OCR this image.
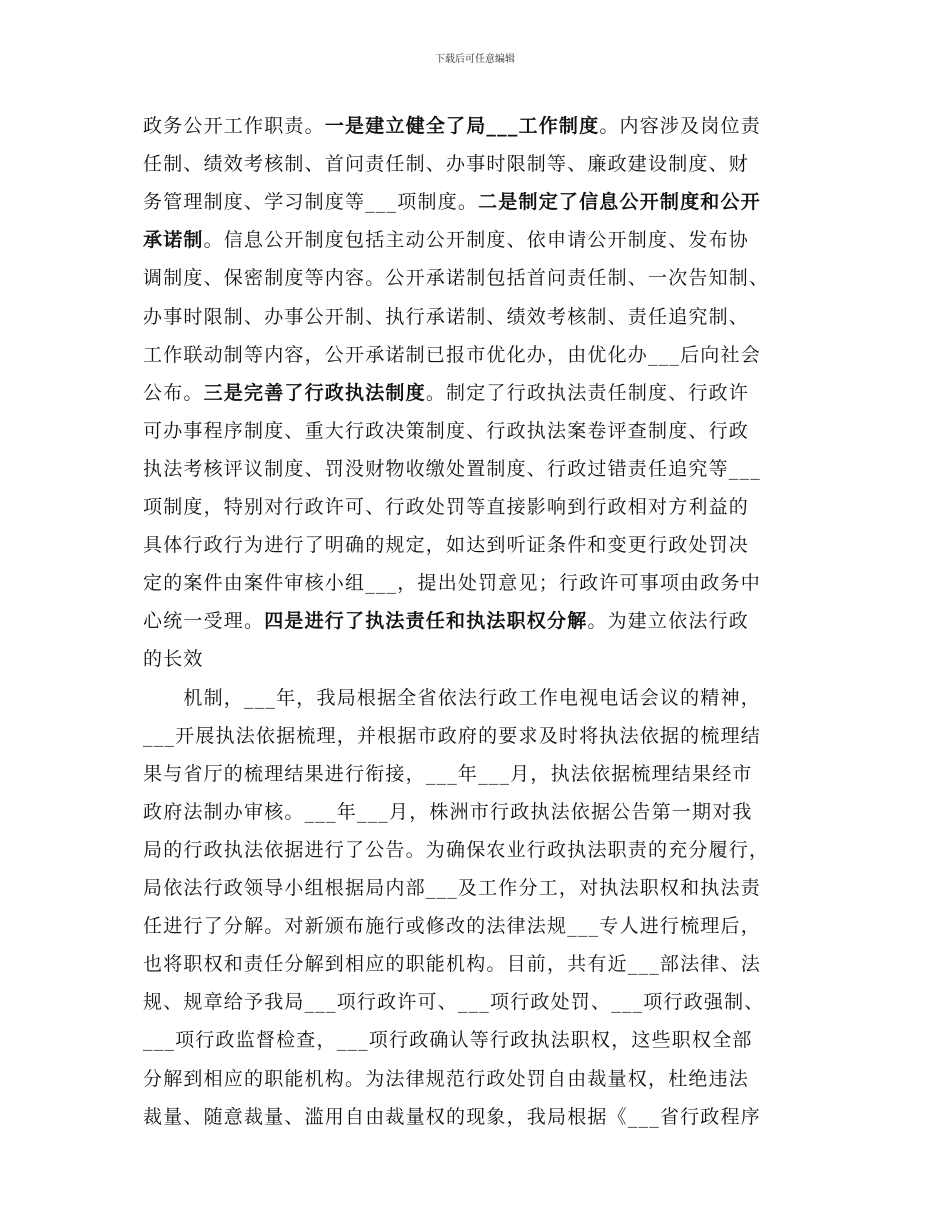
下载后可任意编辑
政务公开工作职责。一是建立健全了局___工作制度。内容涉及岗位责
任制、绩效考核制、首问责任制、办事时限制等、廉政建设制度、财
务管理制度、学习制度等___项制度。二是制定了信息公开制度和公开
承诺制。信息公开制度包括主动公开制度、依申请公开制度、发布协
调制度、保密制度等内容。公开承诺制包括首问责任制、一次告知制、
办事时限制、办事公开制、执行承诺制、绩效考核制、责任追究制、
工作联动制等内容，公开承诺制已报市优化办，由优化办___后向社会
公布。三是完善了行政执法制度。制定了行政执法责任制度、行政许
可办事程序制度、重大行政决策制度、行政执法案卷评查制度、行政
执法考核评议制度、罚没财物收缴处置制度、行政过错责任追究等___
项制度，特别对行政许可、行政处罚等直接影响到行政相对方利益的
具体行政行为进行了明确的规定，如达到听证条件和变更行政处罚决
定的案件由案件审核小组___，提出处罚意见；行政许可事项由政务中
心统一受理。四是进行了执法责任和执法职权分解。为建立依法行政
的长效
　　机制，___年，我局根据全省依法行政工作电视电话会议的精神，
___开展执法依据梳理，并根据市政府的要求及时将执法依据的梳理结
果与省厅的梳理结果进行衔接，___年___月，执法依据梳理结果经市
政府法制办审核。___年___月，株洲市行政执法依据公告第一期对我
局的行政执法依据进行了公告。为确保农业行政执法职责的充分履行，
局依法行政领导小组根据局内部___及工作分工，对执法职权和执法责
任进行了分解。对新颁布施行或修改的法律法规___专人进行梳理后，
也将职权和责任分解到相应的职能机构。目前，共有近___部法律、法
规、规章给予我局___项行政许可、___项行政处罚、___项行政强制、
___项行政监督检查，___项行政确认等行政执法职权，这些职权全部
分解到相应的职能机构。为法律规范行政处罚自由裁量权，杜绝违法
裁量、随意裁量、滥用自由裁量权的现象，我局根据《___省行政程序
